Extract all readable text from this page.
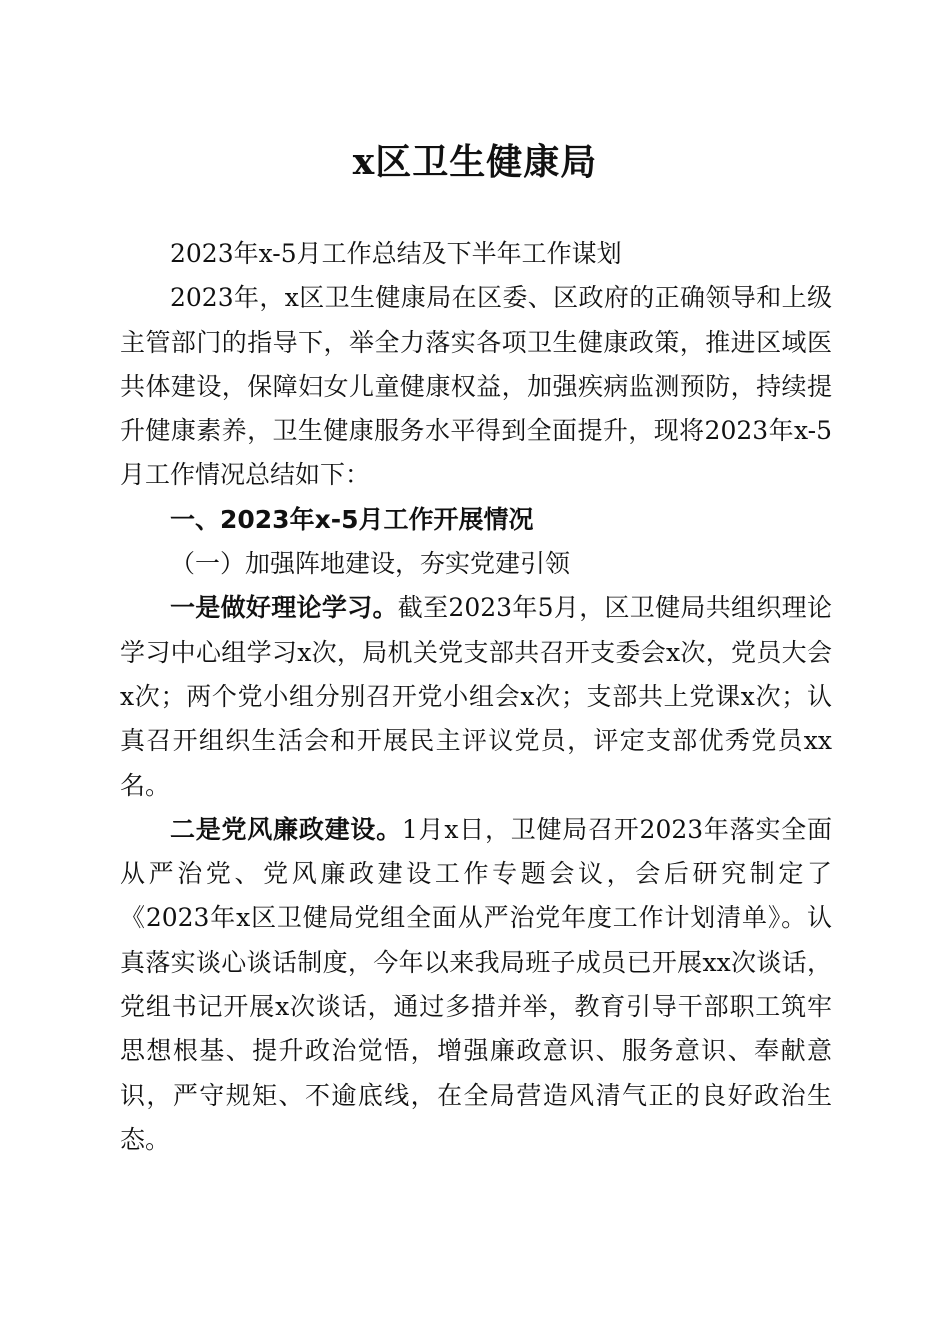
x区卫生健康局

2023年x-5月工作总结及下半年工作谋划

2023年，x区卫生健康局在区委、区政府的正确领导和上级主管部门的指导下，举全力落实各项卫生健康政策，推进区域医共体建设，保障妇女儿童健康权益，加强疾病监测预防，持续提升健康素养，卫生健康服务水平得到全面提升，现将2023年x-5月工作情况总结如下：

一、2023年x-5月工作开展情况

（一）加强阵地建设，夯实党建引领

一是做好理论学习。截至2023年5月，区卫健局共组织理论学习中心组学习x次，局机关党支部共召开支委会x次，党员大会x次；两个党小组分别召开党小组会x次；支部共上党课x次；认真召开组织生活会和开展民主评议党员，评定支部优秀党员xx名。

二是党风廉政建设。1月x日，卫健局召开2023年落实全面从严治党、党风廉政建设工作专题会议，会后研究制定了《2023年x区卫健局党组全面从严治党年度工作计划清单》。认真落实谈心谈话制度，今年以来我局班子成员已开展xx次谈话，党组书记开展x次谈话，通过多措并举，教育引导干部职工筑牢思想根基、提升政治觉悟，增强廉政意识、服务意识、奉献意识，严守规矩、不逾底线，在全局营造风清气正的良好政治生态。
